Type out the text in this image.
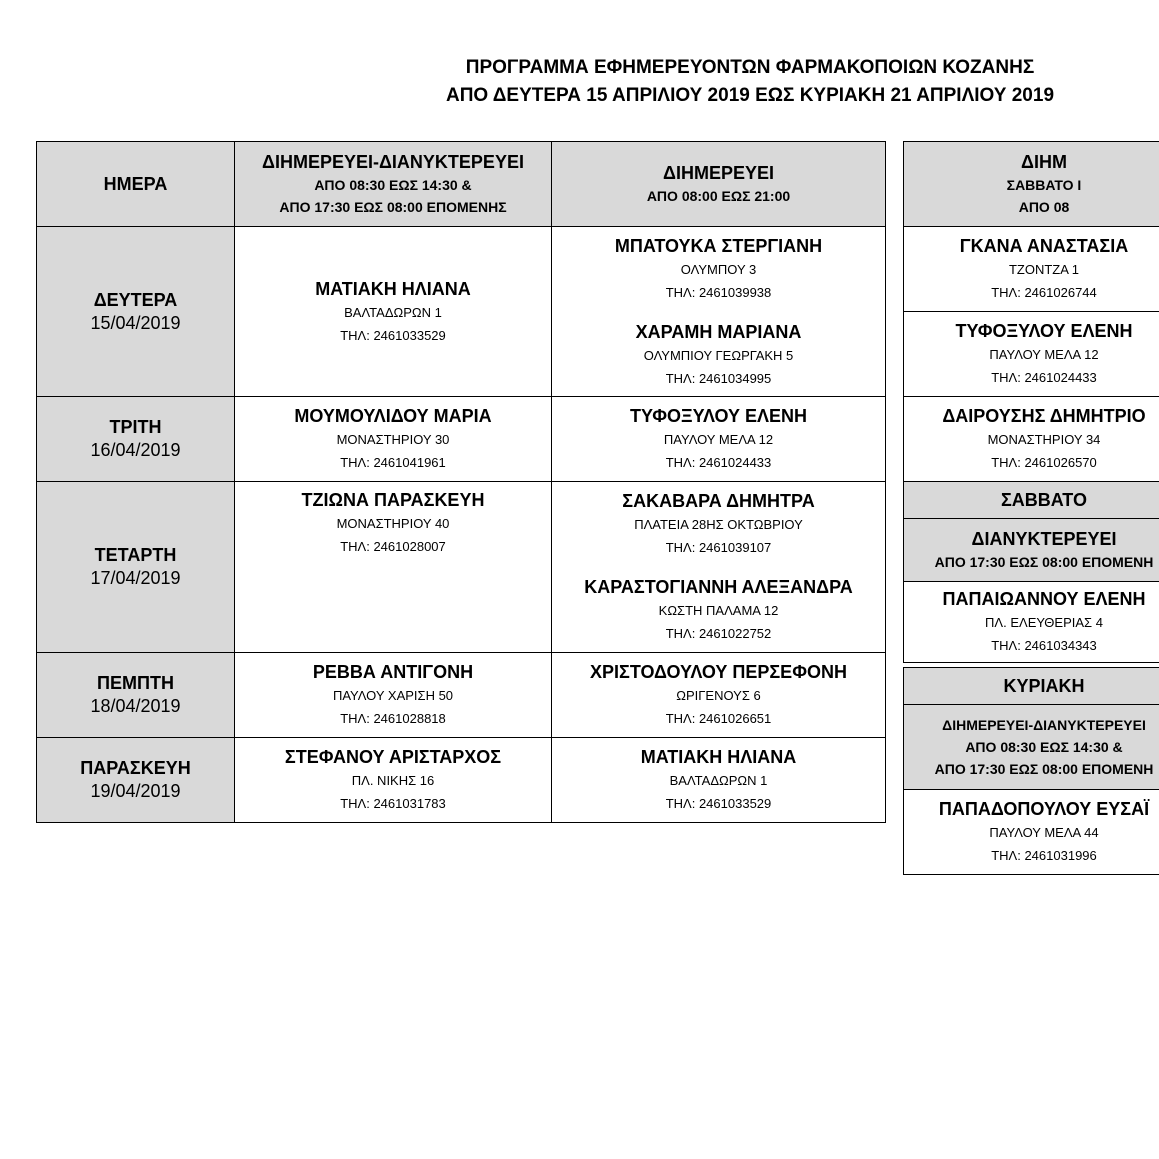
ΠΡΟΓΡΑΜΜΑ ΕΦΗΜΕΡΕΥΟΝΤΩΝ ΦΑΡΜΑΚΟΠΟΙΩΝ ΚΟΖΑΝΗΣ
ΑΠΟ ΔΕΥΤΕΡΑ 15 ΑΠΡΙΛΙΟΥ 2019 ΕΩΣ ΚΥΡΙΑΚΗ 21 ΑΠΡΙΛΙΟΥ 2019
ΗΜΕΡΑ
ΔΙΗΜΕΡΕΥΕΙ-ΔΙΑΝΥΚΤΕΡΕΥΕΙ
ΑΠΟ 08:30 ΕΩΣ 14:30 &
ΑΠΟ 17:30 ΕΩΣ 08:00 ΕΠΟΜΕΝΗΣ
ΔΙΗΜΕΡΕΥΕΙ
ΑΠΟ 08:00 ΕΩΣ 21:00
ΔΕΥΤΕΡΑ
15/04/2019
ΜΑΤΙΑΚΗ ΗΛΙΑΝΑ
ΒΑΛΤΑΔΩΡΩΝ 1
ΤΗΛ: 2461033529
ΜΠΑΤΟΥΚΑ ΣΤΕΡΓΙΑΝΗ
ΟΛΥΜΠΟΥ 3
ΤΗΛ: 2461039938
ΧΑΡΑΜΗ ΜΑΡΙΑΝΑ
ΟΛΥΜΠΙΟΥ ΓΕΩΡΓΑΚΗ 5
ΤΗΛ: 2461034995
ΤΡΙΤΗ
16/04/2019
ΜΟΥΜΟΥΛΙΔΟΥ ΜΑΡΙΑ
ΜΟΝΑΣΤΗΡΙΟΥ 30
ΤΗΛ: 2461041961
ΤΥΦΟΞΥΛΟΥ ΕΛΕΝΗ
ΠΑΥΛΟΥ ΜΕΛΑ 12
ΤΗΛ: 2461024433
ΤΕΤΑΡΤΗ
17/04/2019
ΤΖΙΩΝΑ ΠΑΡΑΣΚΕΥΗ
ΜΟΝΑΣΤΗΡΙΟΥ 40
ΤΗΛ: 2461028007
ΣΑΚΑΒΑΡΑ ΔΗΜΗΤΡΑ
ΠΛΑΤΕΙΑ 28ΗΣ ΟΚΤΩΒΡΙΟΥ
ΤΗΛ: 2461039107
ΚΑΡΑΣΤΟΓΙΑΝΝΗ ΑΛΕΞΑΝΔΡΑ
ΚΩΣΤΗ ΠΑΛΑΜΑ 12
ΤΗΛ: 2461022752
ΠΕΜΠΤΗ
18/04/2019
ΡΕΒΒΑ ΑΝΤΙΓΟΝΗ
ΠΑΥΛΟΥ ΧΑΡΙΣΗ 50
ΤΗΛ: 2461028818
ΧΡΙΣΤΟΔΟΥΛΟΥ ΠΕΡΣΕΦΟΝΗ
ΩΡΙΓΕΝΟΥΣ 6
ΤΗΛ: 2461026651
ΠΑΡΑΣΚΕΥΗ
19/04/2019
ΣΤΕΦΑΝΟΥ ΑΡΙΣΤΑΡΧΟΣ
ΠΛ. ΝΙΚΗΣ 16
ΤΗΛ: 2461031783
ΜΑΤΙΑΚΗ ΗΛΙΑΝΑ
ΒΑΛΤΑΔΩΡΩΝ 1
ΤΗΛ: 2461033529
ΔΙΗΜ
ΣΑΒΒΑΤΟ Ι
ΑΠΟ 08
ΓΚΑΝΑ ΑΝΑΣΤΑΣΙΑ
ΤΖΟΝΤΖΑ 1
ΤΗΛ: 2461026744
ΤΥΦΟΞΥΛΟΥ ΕΛΕΝΗ
ΠΑΥΛΟΥ ΜΕΛΑ 12
ΤΗΛ: 2461024433
ΔΑΙΡΟΥΣΗΣ ΔΗΜΗΤΡΙΟ
ΜΟΝΑΣΤΗΡΙΟΥ 34
ΤΗΛ: 2461026570
ΣΑΒΒΑΤΟ
ΔΙΑΝΥΚΤΕΡΕΥΕΙ
ΑΠΟ 17:30 ΕΩΣ 08:00 ΕΠΟΜΕΝΗ
ΠΑΠΑΙΩΑΝΝΟΥ ΕΛΕΝΗ
ΠΛ. ΕΛΕΥΘΕΡΙΑΣ 4
ΤΗΛ: 2461034343
ΚΥΡΙΑΚΗ
ΔΙΗΜΕΡΕΥΕΙ-ΔΙΑΝΥΚΤΕΡΕΥΕΙ
ΑΠΟ 08:30 ΕΩΣ 14:30 &
ΑΠΟ 17:30 ΕΩΣ 08:00 ΕΠΟΜΕΝΗ
ΠΑΠΑΔΟΠΟΥΛΟΥ ΕΥΣΑΪ
ΠΑΥΛΟΥ ΜΕΛΑ 44
ΤΗΛ: 2461031996
